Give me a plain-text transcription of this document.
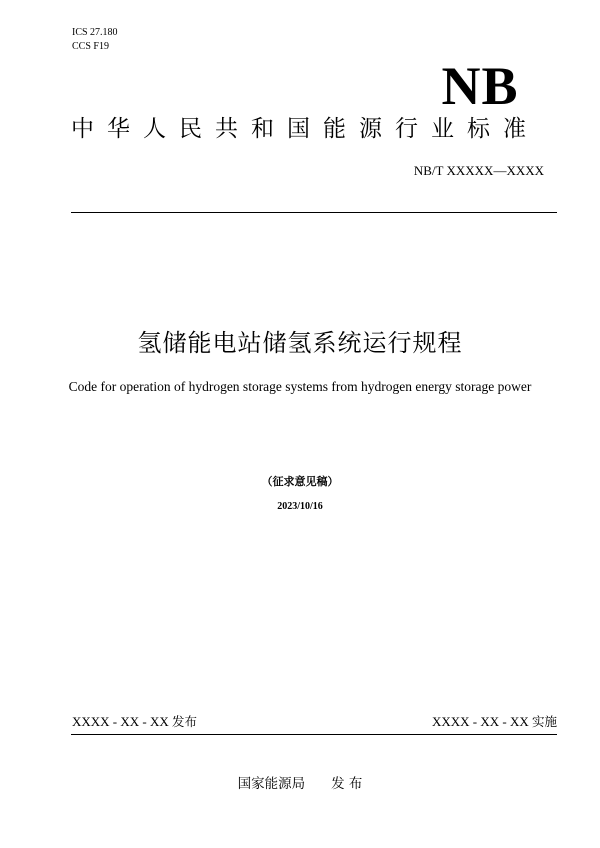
ICS 27.180
CCS F19
NB
中华人民共和国能源行业标准
NB/T XXXXX—XXXX
氢储能电站储氢系统运行规程
Code for operation of hydrogen storage systems from hydrogen energy storage power
（征求意见稿）
2023/10/16
XXXX - XX - XX 发布	XXXX - XX - XX 实施
国家能源局 发 布
